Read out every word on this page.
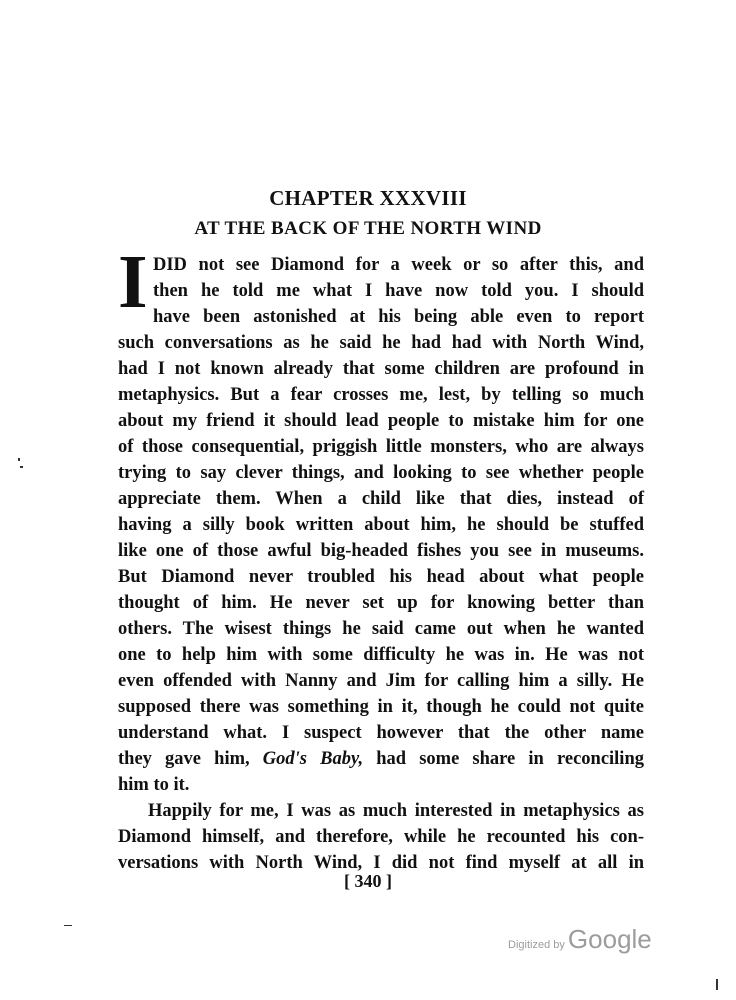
CHAPTER XXXVIII
AT THE BACK OF THE NORTH WIND
I DID not see Diamond for a week or so after this, and
then he told me what I have now told you. I should
have been astonished at his being able even to report
such conversations as he said he had had with North Wind,
had I not known already that some children are profound in
metaphysics. But a fear crosses me, lest, by telling so much
about my friend it should lead people to mistake him for one
of those consequential, priggish little monsters, who are always
trying to say clever things, and looking to see whether people
appreciate them. When a child like that dies, instead of
having a silly book written about him, he should be stuffed
like one of those awful big-headed fishes you see in museums.
But Diamond never troubled his head about what people
thought of him. He never set up for knowing better than
others. The wisest things he said came out when he wanted
one to help him with some difficulty he was in. He was not
even offended with Nanny and Jim for calling him a silly. He
supposed there was something in it, though he could not quite
understand what. I suspect however that the other name
they gave him, God's Baby, had some share in reconciling
him to it.
Happily for me, I was as much interested in metaphysics as
Diamond himself, and therefore, while he recounted his con-
versations with North Wind, I did not find myself at all in
[ 340 ]
Digitized by Google
